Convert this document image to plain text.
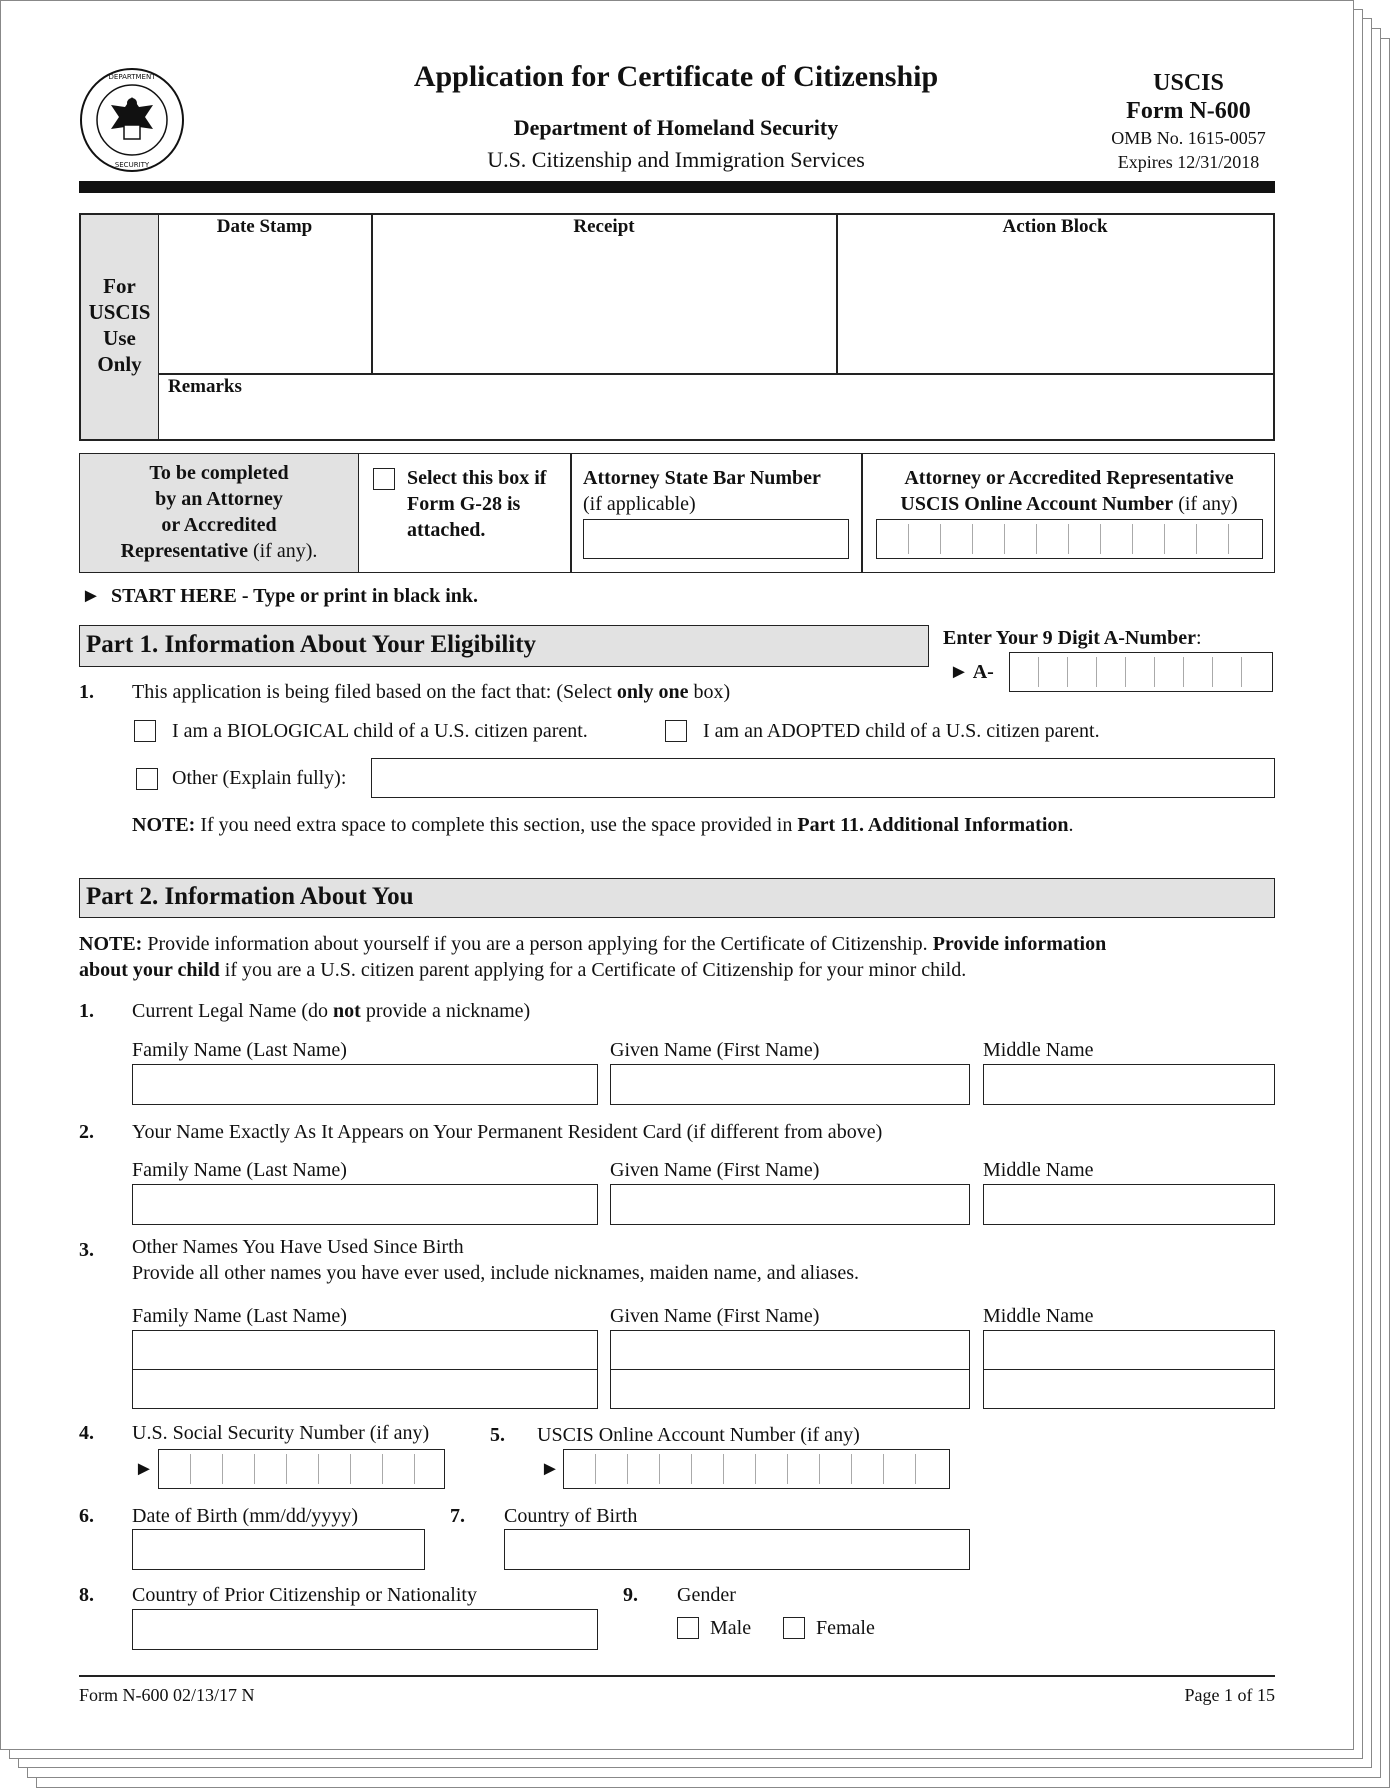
DEPARTMENT
SECURITY
Application for Certificate of Citizenship
Department of Homeland Security
U.S. Citizenship and Immigration Services
USCIS
Form N-600
OMB No. 1615-0057
Expires 12/31/2018
For
USCIS
Use
Only
Date Stamp	Receipt	Action Block
Remarks
To be completed
by an Attorney
or Accredited
Representative (if any).
Select this box if
Form G-28 is
attached.
Attorney State Bar Number
(if applicable)
Attorney or Accredited Representative
USCIS Online Account Number (if any)
► START HERE - Type or print in black ink.
Part 1. Information About Your Eligibility	Enter Your 9 Digit A-Number:
► A-
1. This application is being filed based on the fact that: (Select only one box)
I am a BIOLOGICAL child of a U.S. citizen parent.	I am an ADOPTED child of a U.S. citizen parent.
Other (Explain fully):
NOTE: If you need extra space to complete this section, use the space provided in Part 11. Additional Information.
Part 2. Information About You
NOTE: Provide information about yourself if you are a person applying for the Certificate of Citizenship. Provide information
about your child if you are a U.S. citizen parent applying for a Certificate of Citizenship for your minor child.
1. Current Legal Name (do not provide a nickname)
Family Name (Last Name)	Given Name (First Name)	Middle Name
2. Your Name Exactly As It Appears on Your Permanent Resident Card (if different from above)
Family Name (Last Name)	Given Name (First Name)	Middle Name
3. Other Names You Have Used Since Birth
Provide all other names you have ever used, include nicknames, maiden name, and aliases.
Family Name (Last Name)	Given Name (First Name)	Middle Name
4. U.S. Social Security Number (if any)
►
5. USCIS Online Account Number (if any)
►
6. Date of Birth (mm/dd/yyyy)	7. Country of Birth
8. Country of Prior Citizenship or Nationality	9. Gender
Male	Female
Form N-600 02/13/17 N	Page 1 of 15
